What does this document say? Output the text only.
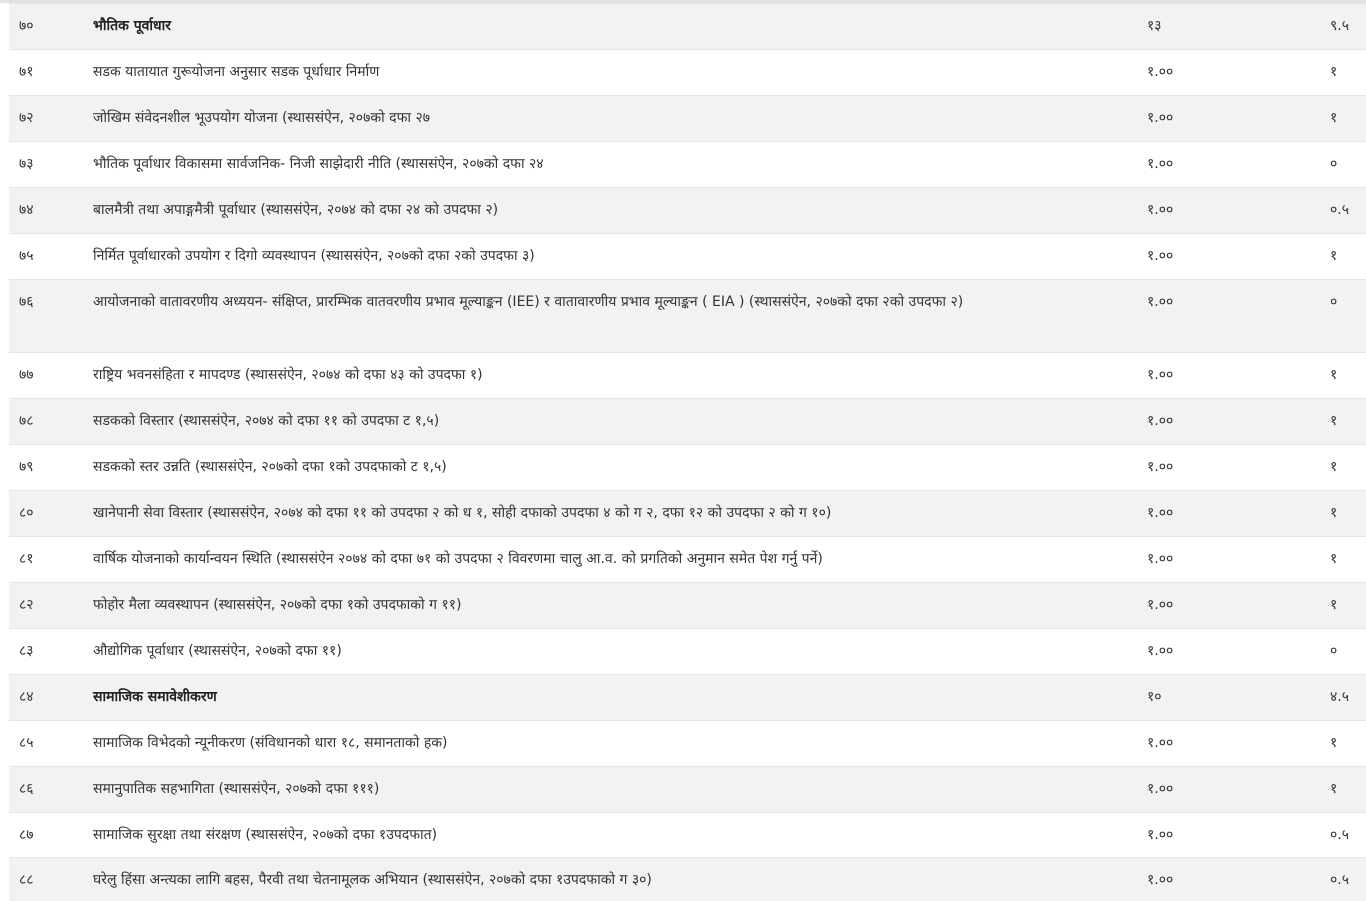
७०	भौतिक पूर्वाधार	१३	९.५
७१	सडक यातायात गुरूयोजना अनुसार सडक पूर्धाधार निर्माण	१.००	१
७२	जोखिम संवेदनशील भूउपयोग योजना (स्थाससंऐन, २०७को दफा २७	१.००	१
७३	भौतिक पूर्वाधार विकासमा सार्वजनिक- निजी साझेदारी नीति (स्थाससंऐन, २०७को दफा २४	१.००	०
७४	बालमैत्री तथा अपाङ्गमैत्री पूर्वाधार (स्थाससंऐन, २०७४ को दफा २४ को उपदफा २)	१.००	०.५
७५	निर्मित पूर्वाधारको उपयोग र दिगो व्यवस्थापन (स्थाससंऐन, २०७को दफा २को उपदफा ३)	१.००	१
७६	आयोजनाको वातावरणीय अध्ययन- संक्षिप्त, प्रारम्भिक वातवरणीय प्रभाव मूल्याङ्कन (IEE) र वातावारणीय प्रभाव मूल्याङ्कन ( EIA ) (स्थाससंऐन, २०७को दफा २को उपदफा २)	१.००	०
७७	राष्ट्रिय भवनसंहिता र मापदण्ड (स्थाससंऐन, २०७४ को दफा ४३ को उपदफा १)	१.००	१
७८	सडकको विस्तार (स्थाससंऐन, २०७४ को दफा ११ को उपदफा ट १,५)	१.००	१
७९	सडकको स्तर उन्नति (स्थाससंऐन, २०७को दफा १को उपदफाको ट १,५)	१.००	१
८०	खानेपानी सेवा विस्तार (स्थाससंऐन, २०७४ को दफा ११ को उपदफा २ को ध १, सोही दफाको उपदफा ४ को ग २, दफा १२ को उपदफा २ को ग १०)	१.००	१
८१	वार्षिक योजनाको कार्यान्वयन स्थिति (स्थाससंऐन २०७४ को दफा ७१ को उपदफा २ विवरणमा चालु आ.व. को प्रगतिको अनुमान समेत पेश गर्नु पर्ने)	१.००	१
८२	फोहोर मैला व्यवस्थापन (स्थाससंऐन, २०७को दफा १को उपदफाको ग ११)	१.००	१
८३	औद्योगिक पूर्वाधार (स्थाससंऐन, २०७को दफा ११)	१.००	०
८४	सामाजिक समावेशीकरण	१०	४.५
८५	सामाजिक विभेदको न्यूनीकरण (संविधानको धारा १८, समानताको हक)	१.००	१
८६	समानुपातिक सहभागिता (स्थाससंऐन, २०७को दफा १११)	१.००	१
८७	सामाजिक सुरक्षा तथा संरक्षण (स्थाससंऐन, २०७को दफा १उपदफात)	१.००	०.५
८८	घरेलु हिंसा अन्त्यका लागि बहस, पैरवी तथा चेतनामूलक अभियान (स्थाससंऐन, २०७को दफा १उपदफाको ग ३०)	१.००	०.५
